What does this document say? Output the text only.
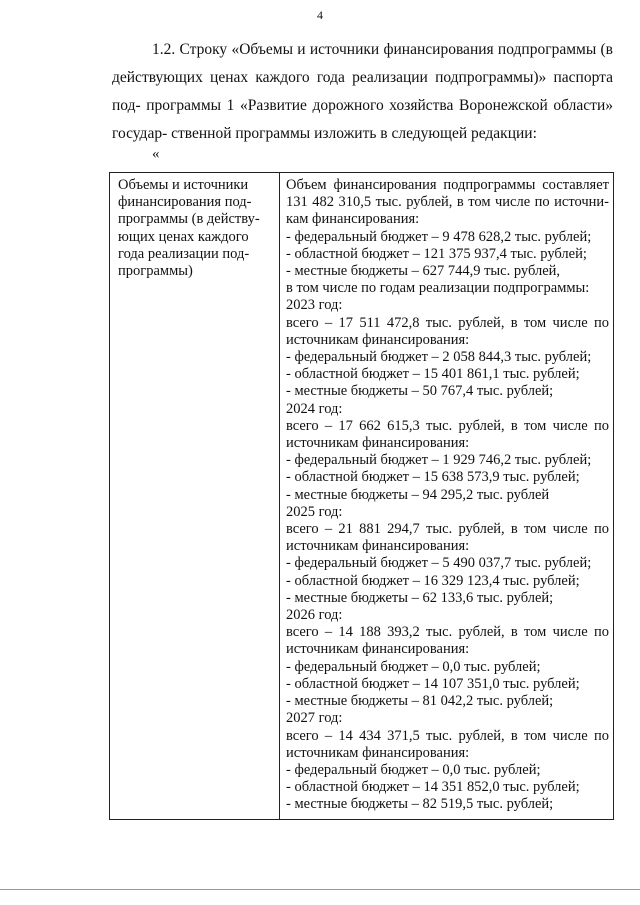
4

1.2. Строку «Объемы и источники финансирования подпрограммы (в действующих ценах каждого года реализации подпрограммы)» паспорта под- программы 1 «Развитие дорожного хозяйства Воронежской области» государ- ственной программы изложить в следующей редакции:

«
Объемы и источники
финансирования под-
программы (в действу-
ющих ценах каждого
года реализации под-
программы)
Объем финансирования подпрограммы составляет
131 482 310,5 тыс. рублей, в том числе по источни-
кам финансирования:
- федеральный бюджет – 9 478 628,2 тыс. рублей;
- областной бюджет – 121 375 937,4 тыс. рублей;
- местные бюджеты – 627 744,9 тыс. рублей,
в том числе по годам реализации подпрограммы:
2023 год:
всего – 17 511 472,8 тыс. рублей, в том числе по
источникам финансирования:
- федеральный бюджет – 2 058 844,3 тыс. рублей;
- областной бюджет – 15 401 861,1 тыс. рублей;
- местные бюджеты – 50 767,4 тыс. рублей;
2024 год:
всего – 17 662 615,3 тыс. рублей, в том числе по
источникам финансирования:
- федеральный бюджет – 1 929 746,2 тыс. рублей;
- областной бюджет – 15 638 573,9 тыс. рублей;
- местные бюджеты – 94 295,2 тыс. рублей
2025 год:
всего – 21 881 294,7 тыс. рублей, в том числе по
источникам финансирования:
- федеральный бюджет – 5 490 037,7 тыс. рублей;
- областной бюджет – 16 329 123,4 тыс. рублей;
- местные бюджеты – 62 133,6 тыс. рублей;
2026 год:
всего – 14 188 393,2 тыс. рублей, в том числе по
источникам финансирования:
- федеральный бюджет – 0,0 тыс. рублей;
- областной бюджет – 14 107 351,0 тыс. рублей;
- местные бюджеты – 81 042,2 тыс. рублей;
2027 год:
всего – 14 434 371,5 тыс. рублей, в том числе по
источникам финансирования:
- федеральный бюджет – 0,0 тыс. рублей;
- областной бюджет – 14 351 852,0 тыс. рублей;
- местные бюджеты – 82 519,5 тыс. рублей;
